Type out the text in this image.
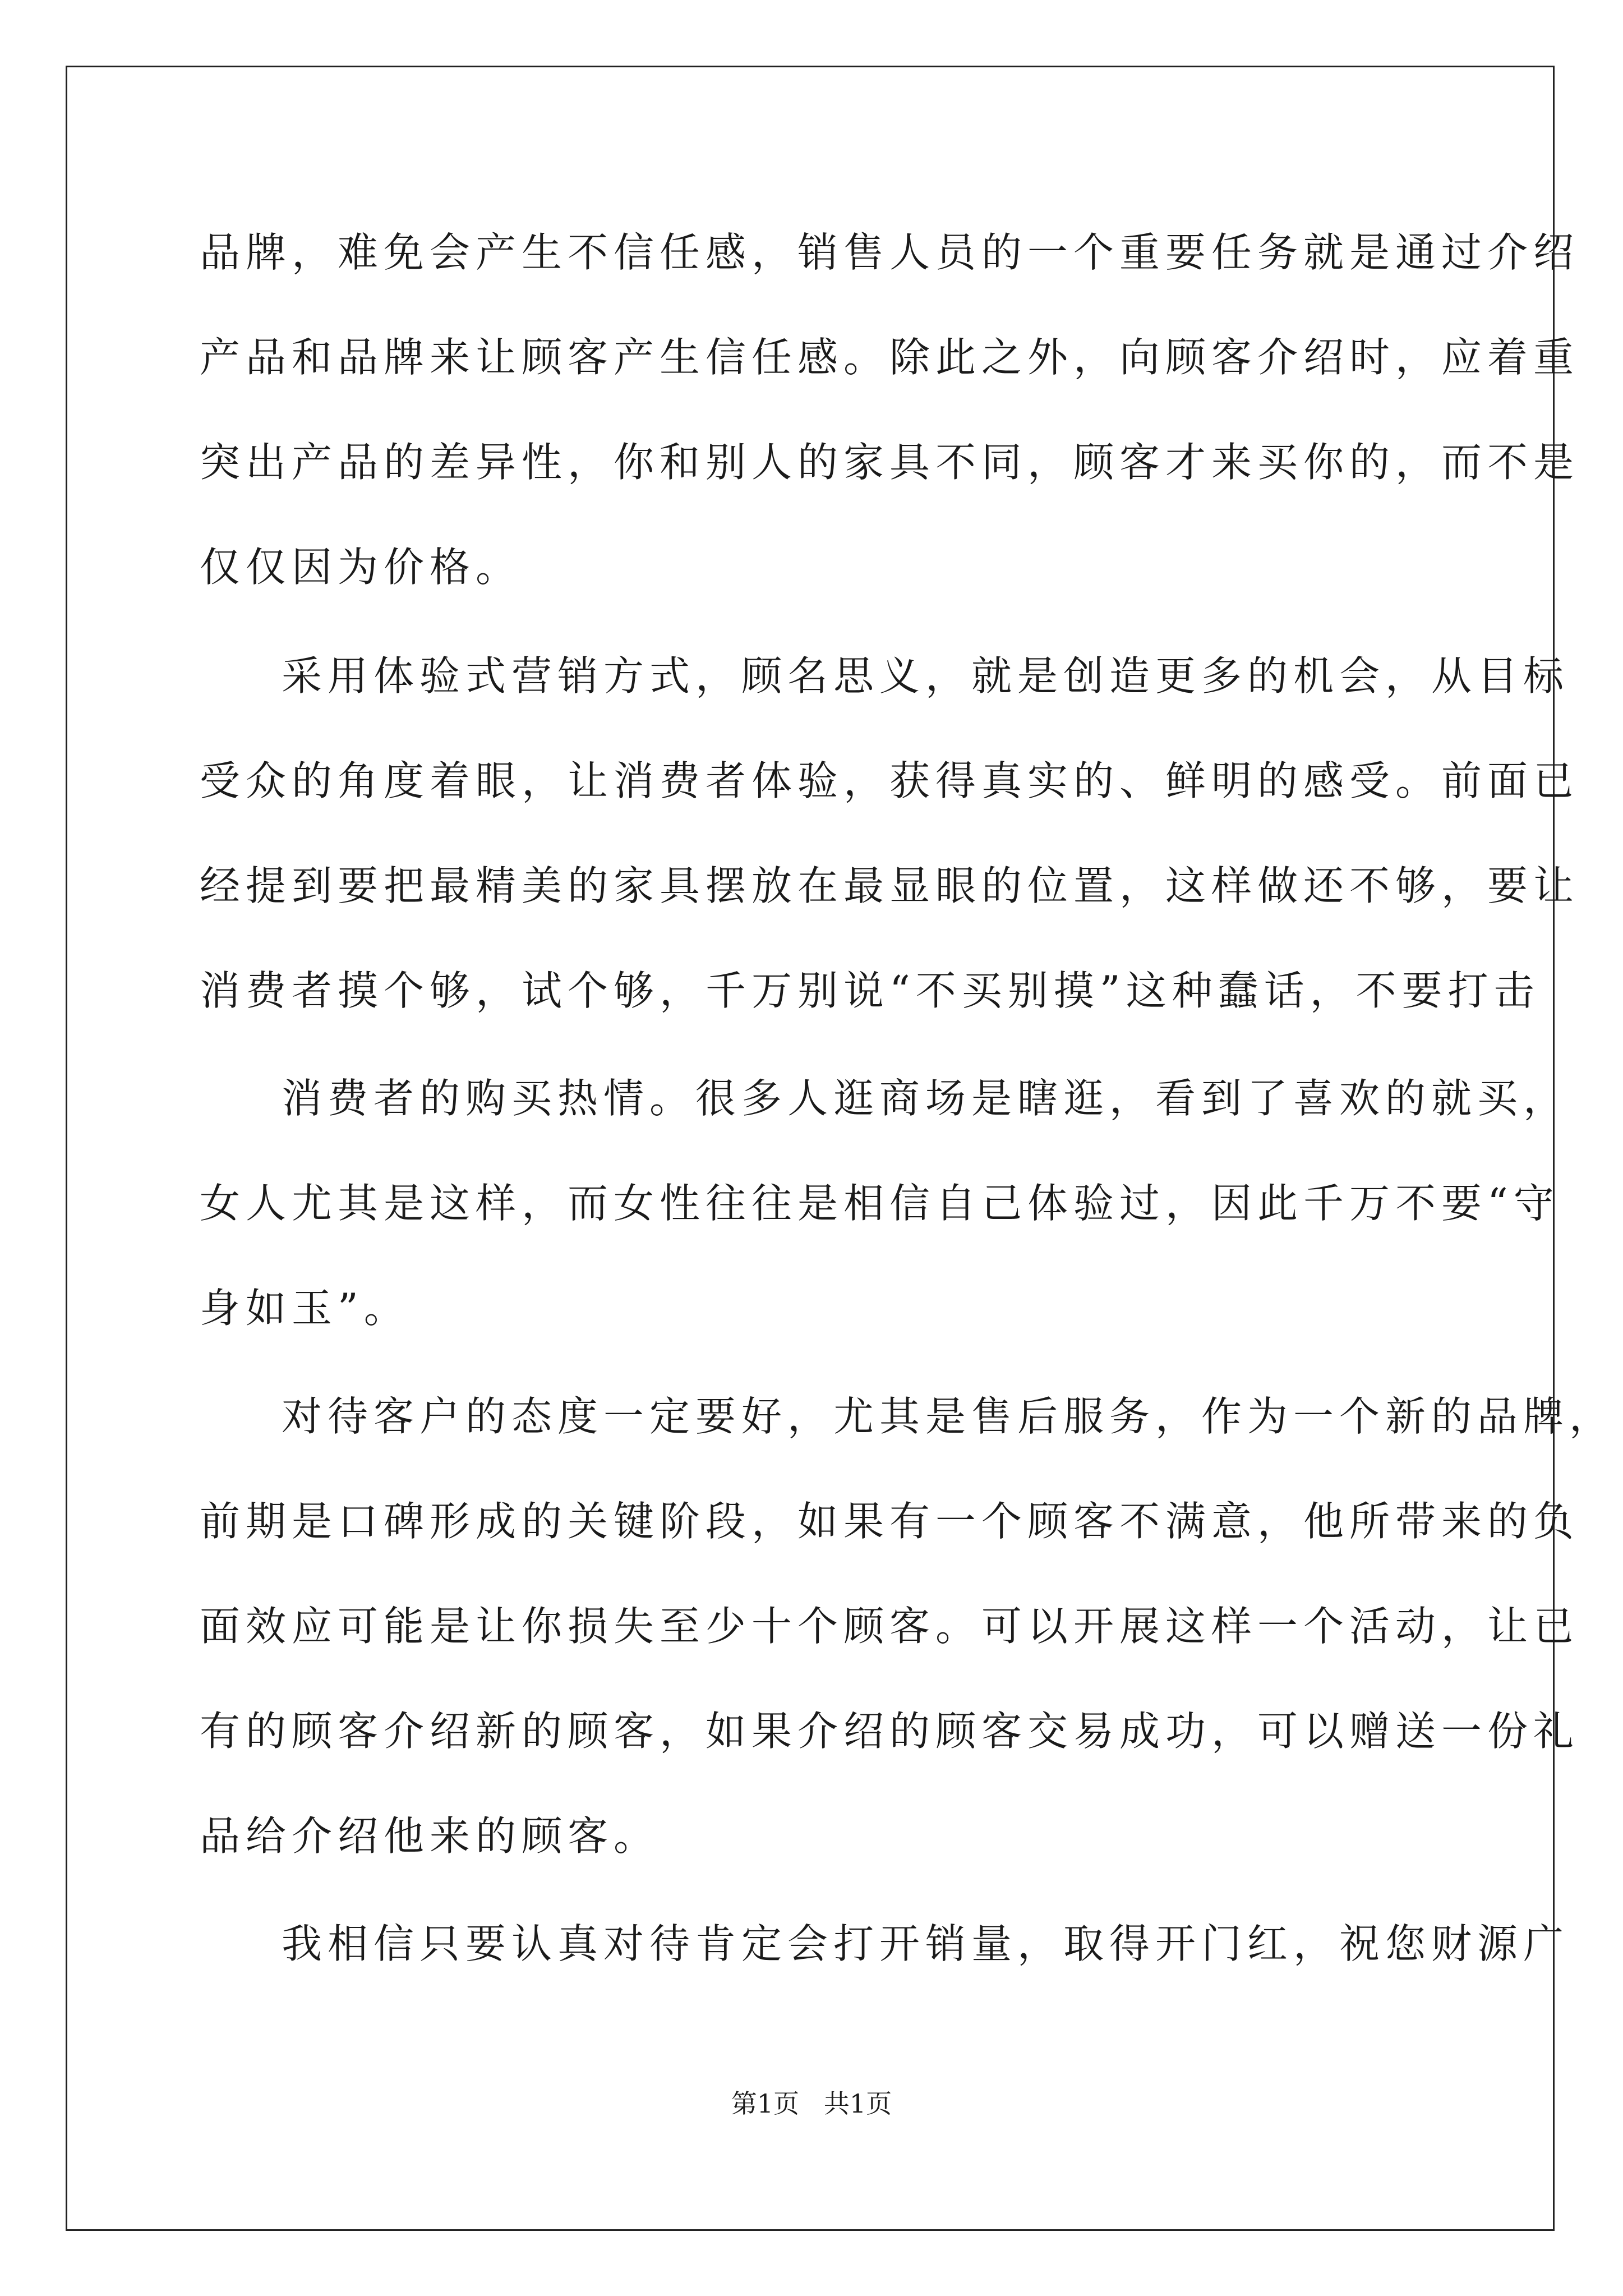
品牌，难免会产生不信任感，销售人员的一个重要任务就是通过介绍
产品和品牌来让顾客产生信任感。除此之外，向顾客介绍时，应着重
突出产品的差异性，你和别人的家具不同，顾客才来买你的，而不是
仅仅因为价格。
采用体验式营销方式，顾名思义，就是创造更多的机会，从目标
受众的角度着眼，让消费者体验，获得真实的、鲜明的感受。前面已
经提到要把最精美的家具摆放在最显眼的位置，这样做还不够，要让
消费者摸个够，试个够，千万别说“不买别摸”这种蠢话，不要打击
消费者的购买热情。很多人逛商场是瞎逛，看到了喜欢的就买，
女人尤其是这样，而女性往往是相信自己体验过，因此千万不要“守
身如玉”。
对待客户的态度一定要好，尤其是售后服务，作为一个新的品牌，
前期是口碑形成的关键阶段，如果有一个顾客不满意，他所带来的负
面效应可能是让你损失至少十个顾客。可以开展这样一个活动，让已
有的顾客介绍新的顾客，如果介绍的顾客交易成功，可以赠送一份礼
品给介绍他来的顾客。
我相信只要认真对待肯定会打开销量，取得开门红，祝您财源广
第1页   共1页
